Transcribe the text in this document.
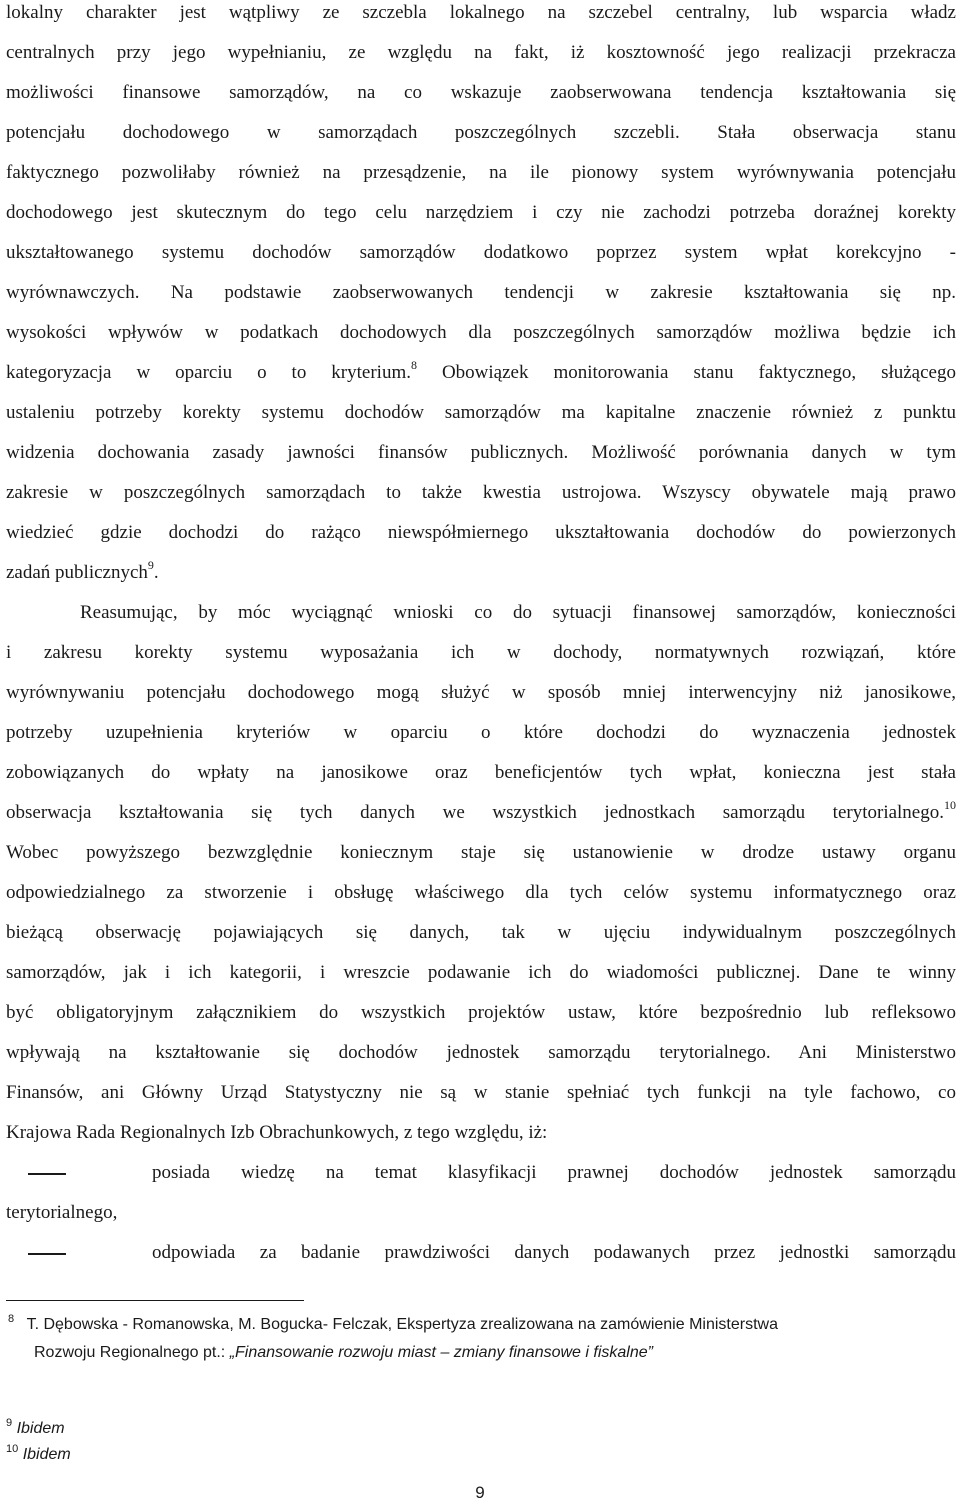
lokalny charakter jest wątpliwy ze szczebla lokalnego na szczebel centralny, lub wsparcia władz
centralnych przy jego wypełnianiu, ze względu na fakt, iż kosztowność jego realizacji przekracza
możliwości finansowe samorządów, na co wskazuje zaobserwowana tendencja kształtowania się
potencjału dochodowego w samorządach poszczególnych szczebli. Stała obserwacja stanu
faktycznego pozwoliłaby również na przesądzenie, na ile pionowy system wyrównywania potencjału
dochodowego jest skutecznym do tego celu narzędziem i czy nie zachodzi potrzeba doraźnej korekty
ukształtowanego systemu dochodów samorządów dodatkowo poprzez system wpłat korekcyjno -
wyrównawczych. Na podstawie zaobserwowanych tendencji w zakresie kształtowania się np.
wysokości wpływów w podatkach dochodowych dla poszczególnych samorządów możliwa będzie ich
kategoryzacja w oparciu o to kryterium.$^8$ Obowiązek monitorowania stanu faktycznego, służącego
ustaleniu potrzeby korekty systemu dochodów samorządów ma kapitalne znaczenie również z punktu
widzenia dochowania zasady jawności finansów publicznych. Możliwość porównania danych w tym
zakresie w poszczególnych samorządach to także kwestia ustrojowa. Wszyscy obywatele mają prawo
wiedzieć gdzie dochodzi do rażąco niewspółmiernego ukształtowania dochodów do powierzonych
zadań publicznych$^9$.
Reasumując, by móc wyciągnąć wnioski co do sytuacji finansowej samorządów, konieczności
i zakresu korekty systemu wyposażania ich w dochody, normatywnych rozwiązań, które
wyrównywaniu potencjału dochodowego mogą służyć w sposób mniej interwencyjny niż janosikowe,
potrzeby uzupełnienia kryteriów w oparciu o które dochodzi do wyznaczenia jednostek
zobowiązanych do wpłaty na janosikowe oraz beneficjentów tych wpłat, konieczna jest stała
obserwacja kształtowania się tych danych we wszystkich jednostkach samorządu terytorialnego.$^{10}$
Wobec powyższego bezwzględnie koniecznym staje się ustanowienie w drodze ustawy organu
odpowiedzialnego za stworzenie i obsługę właściwego dla tych celów systemu informatycznego oraz
bieżącą obserwację pojawiających się danych, tak w ujęciu indywidualnym poszczególnych
samorządów, jak i ich kategorii, i wreszcie podawanie ich do wiadomości publicznej. Dane te winny
być obligatoryjnym załącznikiem do wszystkich projektów ustaw, które bezpośrednio lub refleksowo
wpływają na kształtowanie się dochodów jednostek samorządu terytorialnego. Ani Ministerstwo
Finansów, ani Główny Urząd Statystyczny nie są w stanie spełniać tych funkcji na tyle fachowo, co
Krajowa Rada Regionalnych Izb Obrachunkowych, z tego względu, iż:
posiada wiedzę na temat klasyfikacji prawnej dochodów jednostek samorządu
terytorialnego,
odpowiada za badanie prawdziwości danych podawanych przez jednostki samorządu
$^8$ T. Dębowska - Romanowska, M. Bogucka- Felczak, Ekspertyza zrealizowana na zamówienie Ministerstwa
Rozwoju Regionalnego pt.: „Finansowanie rozwoju miast – zmiany finansowe i fiskalne”
$^9$ Ibidem
$^{10}$ Ibidem
9
